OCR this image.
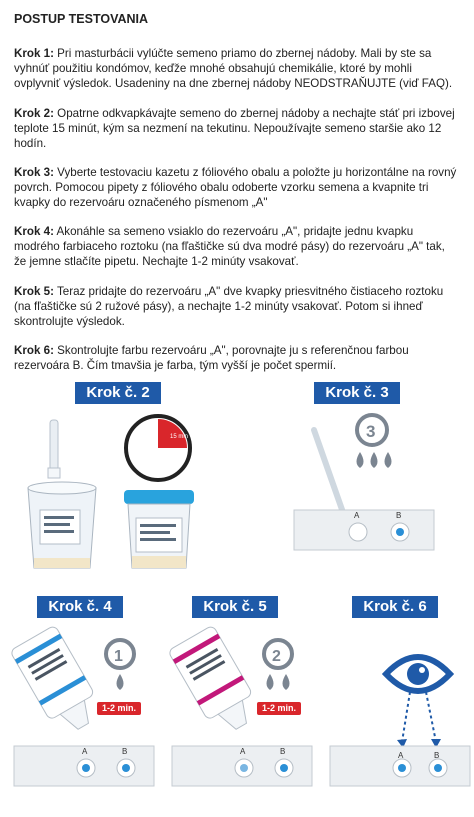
POSTUP TESTOVANIA
Krok 1: Pri masturbácii vylúčte semeno priamo do zbernej nádoby. Mali by ste sa vyhnúť použitiu kondómov, keďže mnohé obsahujú chemikálie, ktoré by mohli ovplyvniť výsledok. Usadeniny na dne zbernej nádoby NEODSTRAŇUJTE (viď FAQ).
Krok 2: Opatrne odkvapkávajte semeno do zbernej nádoby a nechajte stáť pri izbovej teplote 15 minút, kým sa nezmení na tekutinu. Nepoužívajte semeno staršie ako 12 hodín.
Krok 3: Vyberte testovaciu kazetu z fóliového obalu a položte ju horizontálne na rovný povrch. Pomocou pipety z fóliového obalu odoberte vzorku semena a kvapnite tri kvapky do rezervoáru označeného písmenom „A"
Krok 4: Akonáhle sa semeno vsiaklo do rezervoáru „A", pridajte jednu kvapku modrého farbiaceho roztoku (na fľaštičke sú dva modré pásy) do rezervoáru „A" tak, že jemne stlačíte pipetu. Nechajte 1-2 minúty vsakovať.
Krok 5: Teraz pridajte do rezervoáru „A" dve kvapky priesvitného čistiaceho roztoku (na fľaštičke sú 2 ružové pásy), a nechajte 1-2 minúty vsakovať. Potom si ihneď skontrolujte výsledok.
Krok 6: Skontrolujte farbu rezervoáru „A", porovnajte ju s referenčnou farbou rezervoára B. Čím tmavšia je farba, tým vyšší je počet spermií.
Krok č. 2
15 min
Krok č. 3
3
A	B
Krok č. 4
1
A	B
1-2 min.
Krok č. 5
2
A	B
1-2 min.
Krok č. 6
A	B
